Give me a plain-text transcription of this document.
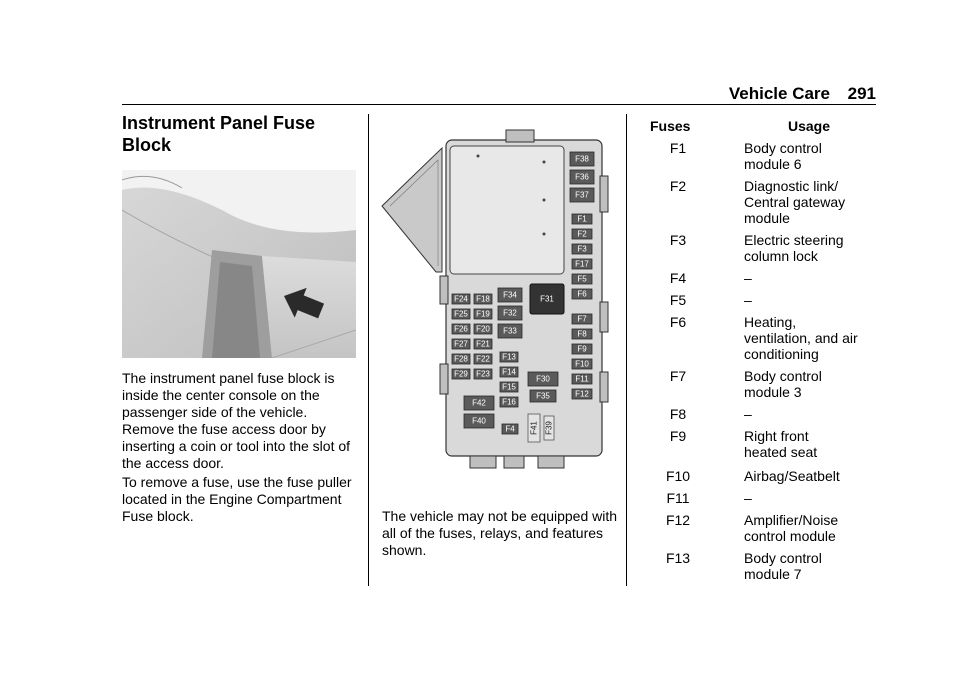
Vehicle Care	291
Instrument Panel Fuse
Block
The instrument panel fuse block is inside the center console on the passenger side of the vehicle.
Remove the fuse access door by inserting a coin or tool into the slot of the access door.
To remove a fuse, use the fuse puller located in the Engine Compartment Fuse block.
F38
F36
F37
F1
F2
F3
F17
F5
F6
F7
F8
F9
F10
F11
F12
F24 F18
F25 F19
F26 F20
F27 F21
F28 F22
F29 F23
F34
F32
F33
F31
F13
F14
F15
F16
F30
F35
F42
F40
F4 F41 F39
The vehicle may not be equipped with all of the fuses, relays, and features shown.
Fuses	Usage
F1	Body control
module 6
F2	Diagnostic link/
Central gateway
module
F3	Electric steering
column lock
F4	–
F5	–
F6	Heating,
ventilation, and air
conditioning
F7	Body control
module 3
F8	–
F9	Right front
heated seat
F10	Airbag/Seatbelt
F11	–
F12	Amplifier/Noise
control module
F13	Body control
module 7
